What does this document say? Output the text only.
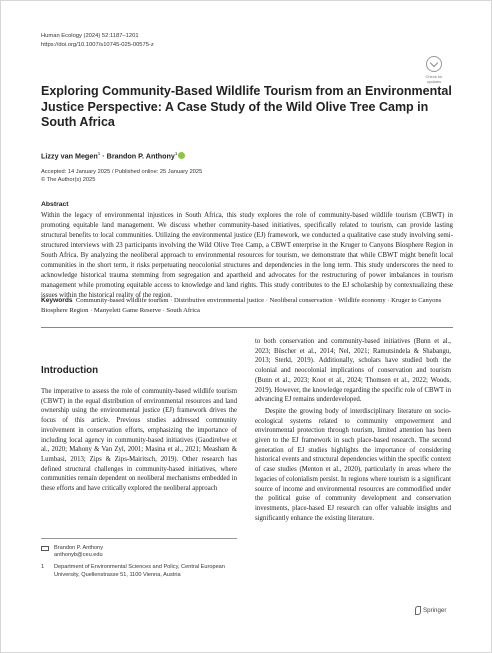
Human Ecology (2024) 52:1187–1201
https://doi.org/10.1007/s10745-025-00575-z
Check for updates
Exploring Community-Based Wildlife Tourism from an Environmental Justice Perspective: A Case Study of the Wild Olive Tree Camp in South Africa
Lizzy van Megen$^1$ · Brandon P. Anthony$^1$
Accepted: 14 January 2025 / Published online: 25 January 2025
© The Author(s) 2025
Abstract
Within the legacy of environmental injustices in South Africa, this study explores the role of community-based wildlife tourism (CBWT) in promoting equitable land management. We discuss whether community-based initiatives, specifically related to tourism, can provide lasting structural benefits to local communities. Utilizing the environmental justice (EJ) framework, we conducted a qualitative case study involving semi-structured interviews with 23 participants involving the Wild Olive Tree Camp, a CBWT enterprise in the Kruger to Canyons Biosphere Region in South Africa. By analyzing the neoliberal approach to environmental resources for tourism, we demonstrate that while CBWT might benefit local communities in the short term, it risks perpetuating neocolonial structures and dependencies in the long term. This study underscores the need to acknowledge historical trauma stemming from segregation and apartheid and advocates for the restructuring of power imbalances in tourism management while promoting equitable access to knowledge and land rights. This study contributes to the EJ scholarship by contextualizing these issues within the historical reality of the region.
Keywords Community-based wildlife tourism · Distributive environmental justice · Neoliberal conservation · Wildlife economy · Kruger to Canyons Biosphere Region · Manyeleti Game Reserve · South Africa
Introduction
The imperative to assess the role of community-based wildlife tourism (CBWT) in the equal distribution of environmental resources and land ownership using the environmental justice (EJ) framework drives the focus of this article. Previous studies addressed community involvement in conservation efforts, emphasizing the importance of including local agency in community-based initiatives (Gaodirelwe et al., 2020; Mahony & Van Zyl, 2001; Masina et al., 2021; Measham & Lumbasi, 2013; Zips & Zips-Mairitsch, 2019). Other research has defined structural challenges in community-based initiatives, where communities remain dependent on neoliberal mechanisms embedded in these efforts and have critically explored the neoliberal approach

to both conservation and community-based initiatives (Bunn et al., 2023; Büscher et al., 2014; Nel, 2021; Ramutsindela & Shabangu, 2013; Sterkl, 2019). Additionally, scholars have studied both the colonial and neocolonial implications of conservation and tourism (Bunn et al., 2023; Koot et al., 2024; Thomsen et al., 2022; Woods, 2019). However, the knowledge regarding the specific role of CBWT in advancing EJ remains underdeveloped.

Despite the growing body of interdisciplinary literature on socio-ecological systems related to community empowerment and environmental protection through tourism, limited attention has been given to the EJ framework in such place-based research. The second generation of EJ studies highlights the importance of considering historical events and structural dependencies within the specific context of case studies (Menton et al., 2020), particularly in areas where the legacies of colonialism persist. In regions where tourism is a significant source of income and environmental resources are commodified under the political guise of community development and conservation investments, place-based EJ research can offer valuable insights and significantly enhance the existing literature.

Brandon P. Anthony
anthonyb@ceu.edu
1	Department of Environmental Sciences and Policy, Central European University, Quellenstrasse 51, 1100 Vienna, Austria
Springer
